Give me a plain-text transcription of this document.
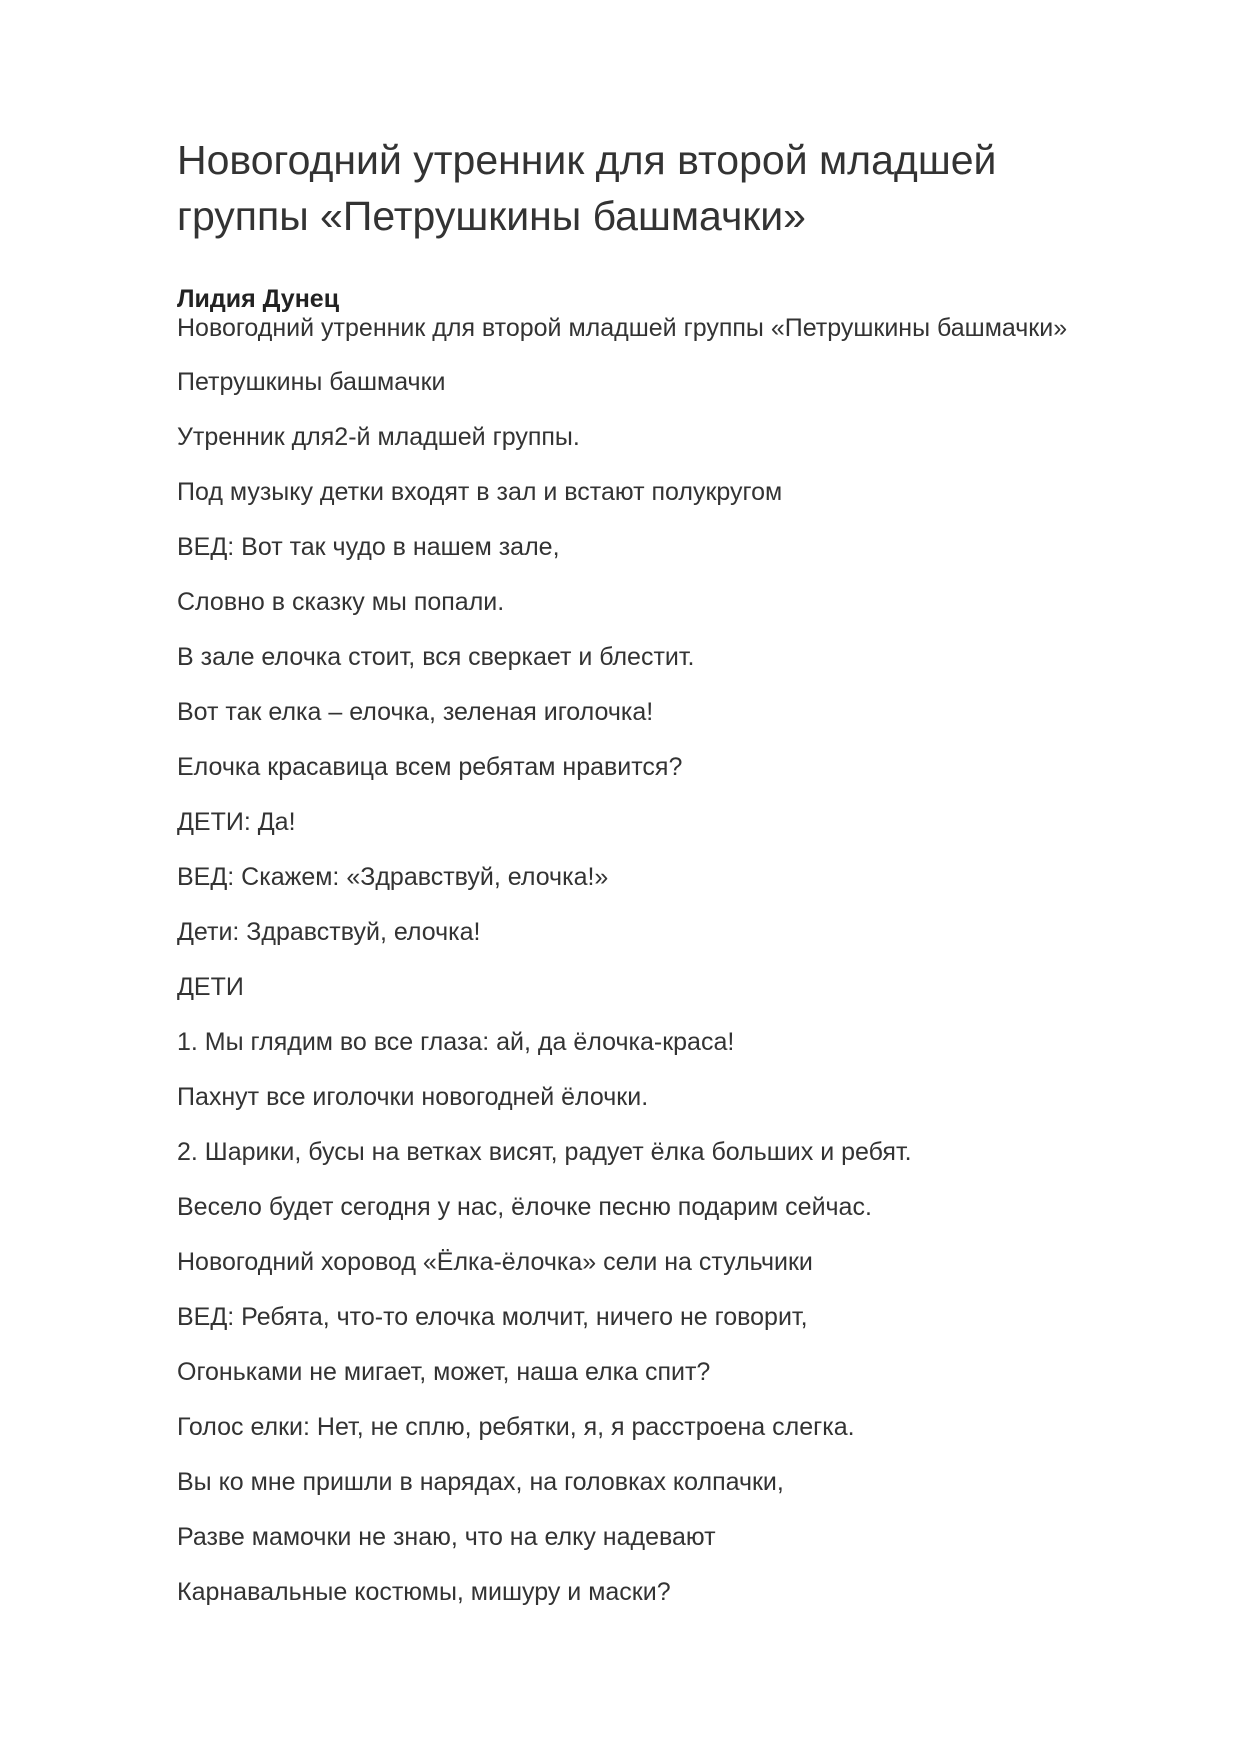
Новогодний утренник для второй младшей группы «Петрушкины башмачки»
Лидия Дунец

Новогодний утренник для второй младшей группы «Петрушкины башмачки»

Петрушкины башмачки

Утренник для2-й младшей группы.

Под музыку детки входят в зал и встают полукругом

ВЕД: Вот так чудо в нашем зале,

Словно в сказку мы попали.

В зале елочка стоит, вся сверкает и блестит.

Вот так елка – елочка, зеленая иголочка!

Елочка красавица всем ребятам нравится?

ДЕТИ: Да!

ВЕД: Скажем: «Здравствуй, елочка!»

Дети: Здравствуй, елочка!

ДЕТИ

1. Мы глядим во все глаза: ай, да ёлочка-краса!

Пахнут все иголочки новогодней ёлочки.

2. Шарики, бусы на ветках висят, радует ёлка больших и ребят.

Весело будет сегодня у нас, ёлочке песню подарим сейчас.

Новогодний хоровод «Ёлка-ёлочка» сели на стульчики

ВЕД: Ребята, что-то елочка молчит, ничего не говорит,

Огоньками не мигает, может, наша елка спит?

Голос елки: Нет, не сплю, ребятки, я, я расстроена слегка.

Вы ко мне пришли в нарядах, на головках колпачки,

Разве мамочки не знаю, что на елку надевают

Карнавальные костюмы, мишуру и маски?
